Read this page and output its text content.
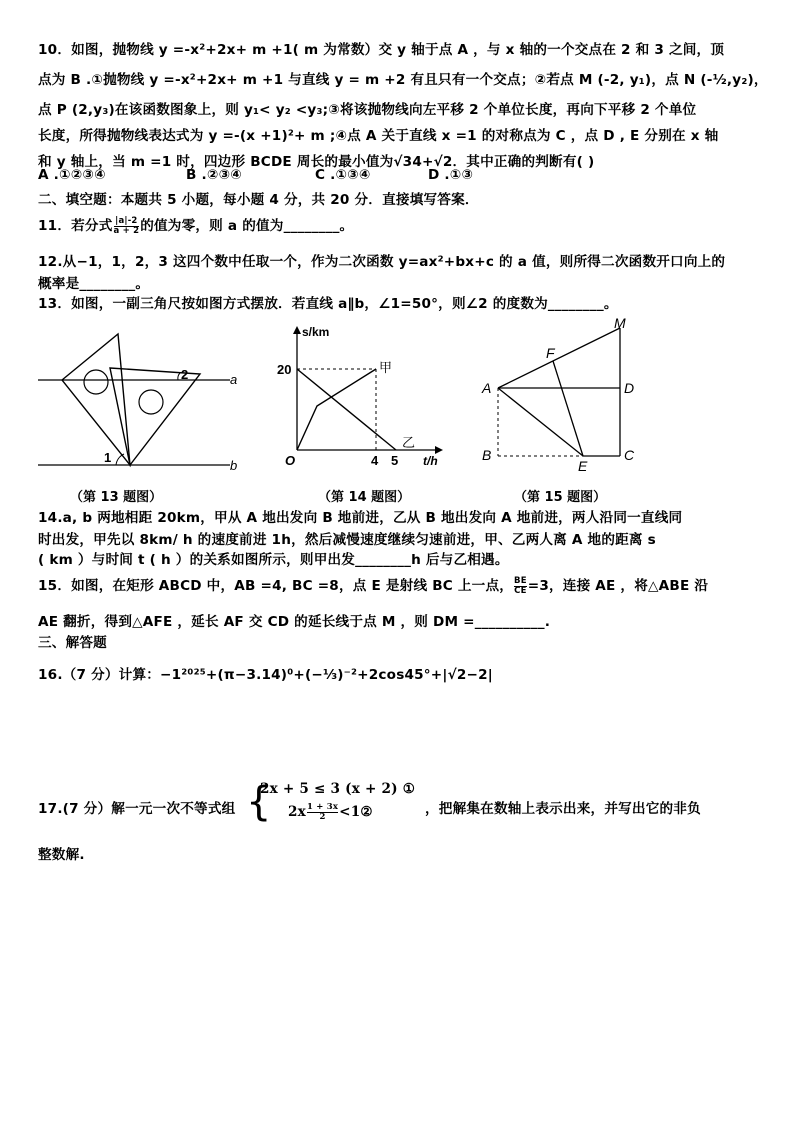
10．如图，抛物线 y =-x²+2x+ m +1( m 为常数）交 y 轴于点 A ，与 x 轴的一个交点在 2 和 3 之间，顶
点为 B .①抛物线 y =-x²+2x+ m +1 与直线 y = m +2 有且只有一个交点；②若点 M (-2, y₁)，点 N (-½,y₂)，
点 P (2,y₃)在该函数图象上，则 y₁< y₂ <y₃;③将该抛物线向左平移 2 个单位长度，再向下平移 2 个单位
长度，所得抛物线表达式为 y =-(x +1)²+ m ;④点 A 关于直线 x =1 的对称点为 C ，点 D , E 分别在 x 轴
和 y 轴上，当 m =1 时，四边形 BCDE 周长的最小值为√34+√2．其中正确的判断有( )
A .①②③④	B .②③④	C .①③④	D .①③
二、填空题：本题共 5 小题，每小题 4 分，共 20 分．直接填写答案．
11．若分式 $\frac{|a|-2}{a + 2}$ 的值为零，则 a 的值为________。
12.从−1，1，2，3 这四个数中任取一个，作为二次函数 y=ax²+bx+c 的 a 值，则所得二次函数开口向上的
概率是________。
13．如图，一副三角尺按如图方式摆放．若直线 a∥b，∠1=50°，则∠2 的度数为________。
1
2	a
b
（第 13 题图）
s/km
t/h
20
O	4 5
甲
乙
（第 14 题图）
A
B	C
D
E
F
M
（第 15 题图）
14.a, b 两地相距 20km，甲从 A 地出发向 B 地前进，乙从 B 地出发向 A 地前进，两人沿同一直线同
时出发，甲先以 8km/ h 的速度前进 1h，然后减慢速度继续匀速前进，甲、乙两人离 A 地的距离 s
( km ）与时间 t ( h ）的关系如图所示，则甲出发________h 后与乙相遇。
15．如图，在矩形 ABCD 中，AB =4, BC =8，点 E 是射线 BC 上一点， $\frac{BE}{CE} =3$，连接 AE ，将△ABE 沿
AE 翻折，得到△AFE ，延长 AF 交 CD 的延长线于点 M ，则 DM =__________.
三、解答题
16.（7 分）计算：−1²⁰²⁵+(π−3.14)⁰+(−⅓)⁻²+2cos45°+|√2−2|
17.(7 分）解一元一次不等式组 {
2x + 5 ≤ 3 (x + 2) ①
$2x \frac{1 + 3x}{2}$ <1②	，把解集在数轴上表示出来，并写出它的非负
整数解.
